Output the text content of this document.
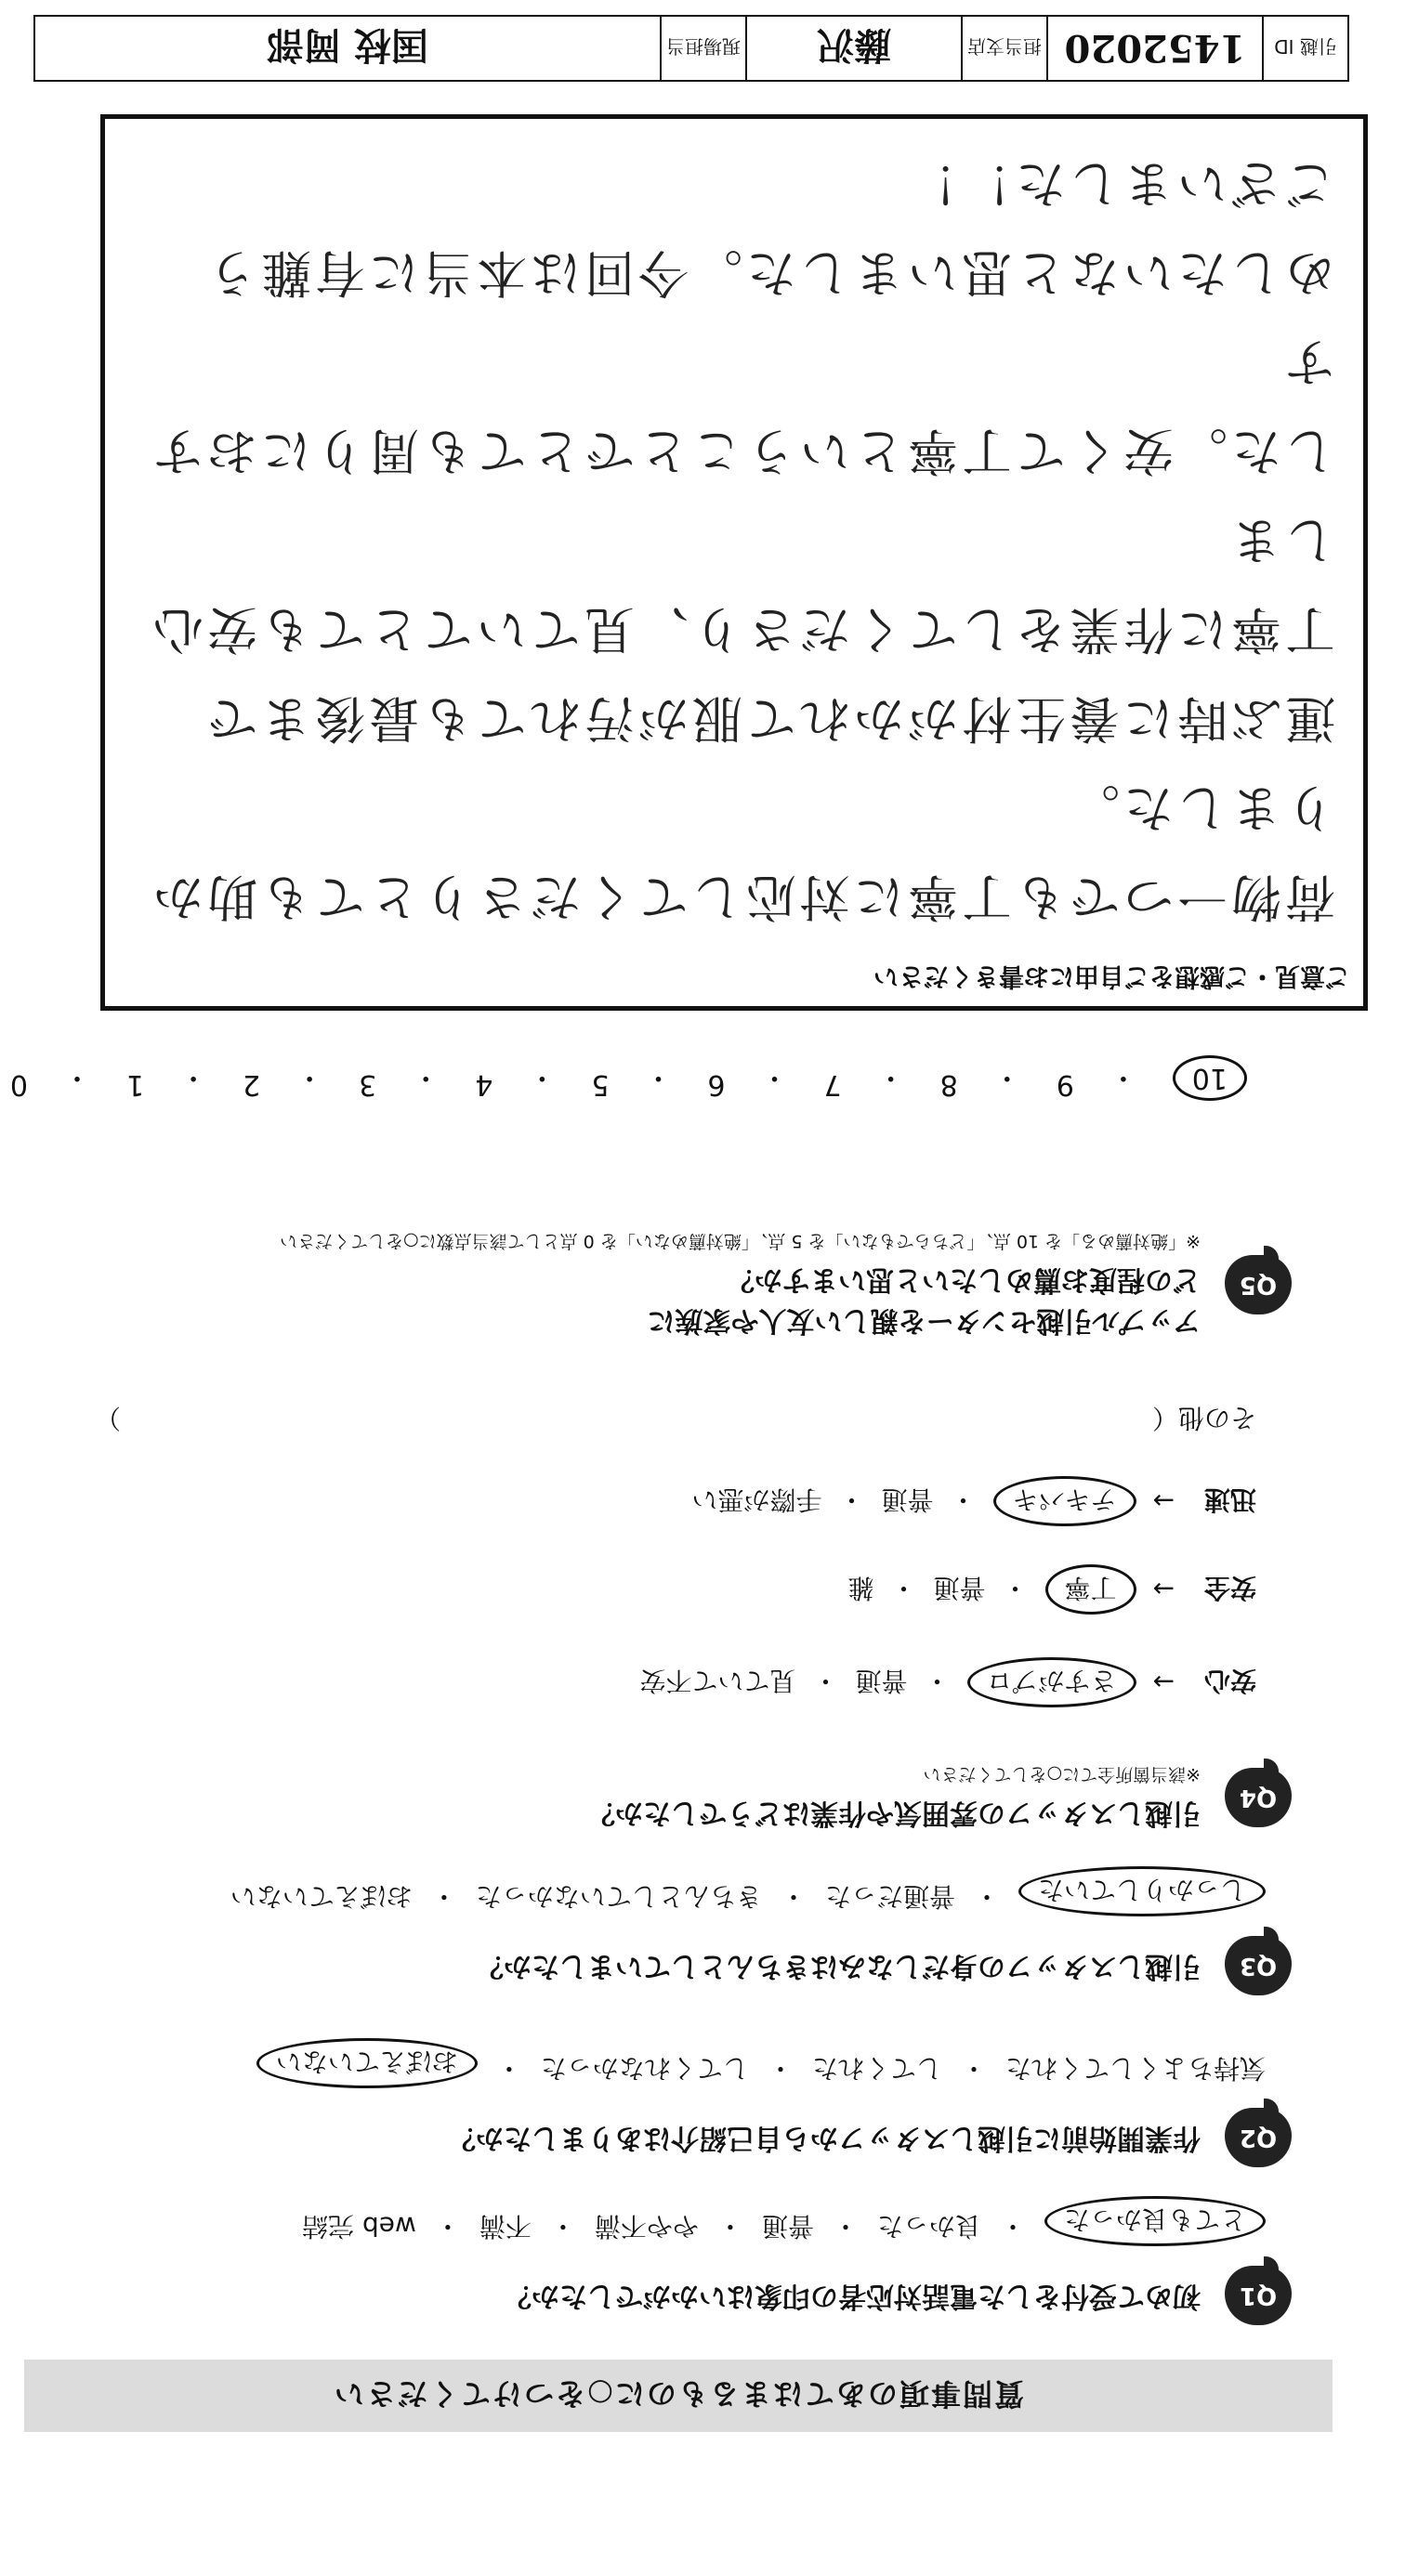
質問事項のあてはまるものに○をつけてください
Q1
初めて受付をした電話対応者の印象はいかがでしたか？
とても良かった
・
良かった
・
普通
・
やや不満
・
不満
・
web 完結
Q2
作業開始前に引越しスタッフから自己紹介はありましたか？
気持ちよくしてくれた
・
してくれた
・
してくれなかった
・
おぼえていない
Q3
引越しスタッフの身だしなみはきちんとしていましたか？
しっかりしていた
・
普通だった
・
きちんとしていなかった
・
おぼえていない
Q4
引越しスタッフの雰囲気や作業はどうでしたか？
※該当箇所全てに○をしてください
安心
→
さすがプロ
・
普通
・
見ていて不安
安全
→
丁寧
・
普通
・
雑
迅速
→
テキパキ
・
普通
・
手際が悪い
その他（
）
Q5
アップル引越センターを親しい友人や家族に
どの程度お薦めしたいと思いますか？
※「絶対薦める」を 10 点、「どちらでもない」を 5 点、「絶対薦めない」を 0 点として該当点数に○をしてください
10
・
9
・
8
・
7
・
6
・
5
・
4
・
3
・
2
・
1
・
0
ご意見・ご感想をご自由にお書きください

荷物一つでも丁寧に対応してくださりとても助かりました。

運ぶ時に養生材がかれて服が汚れても最後まで

丁寧に作業をしてくださり、見ていてとても安心しま

した。安くて丁寧ということでとても周りにおすす

めしたいなと思いました。今回は本当に有難う

ございました！！

引越 ID
1452020
担当支店
藤沢
現場担当
国枝 岡部
